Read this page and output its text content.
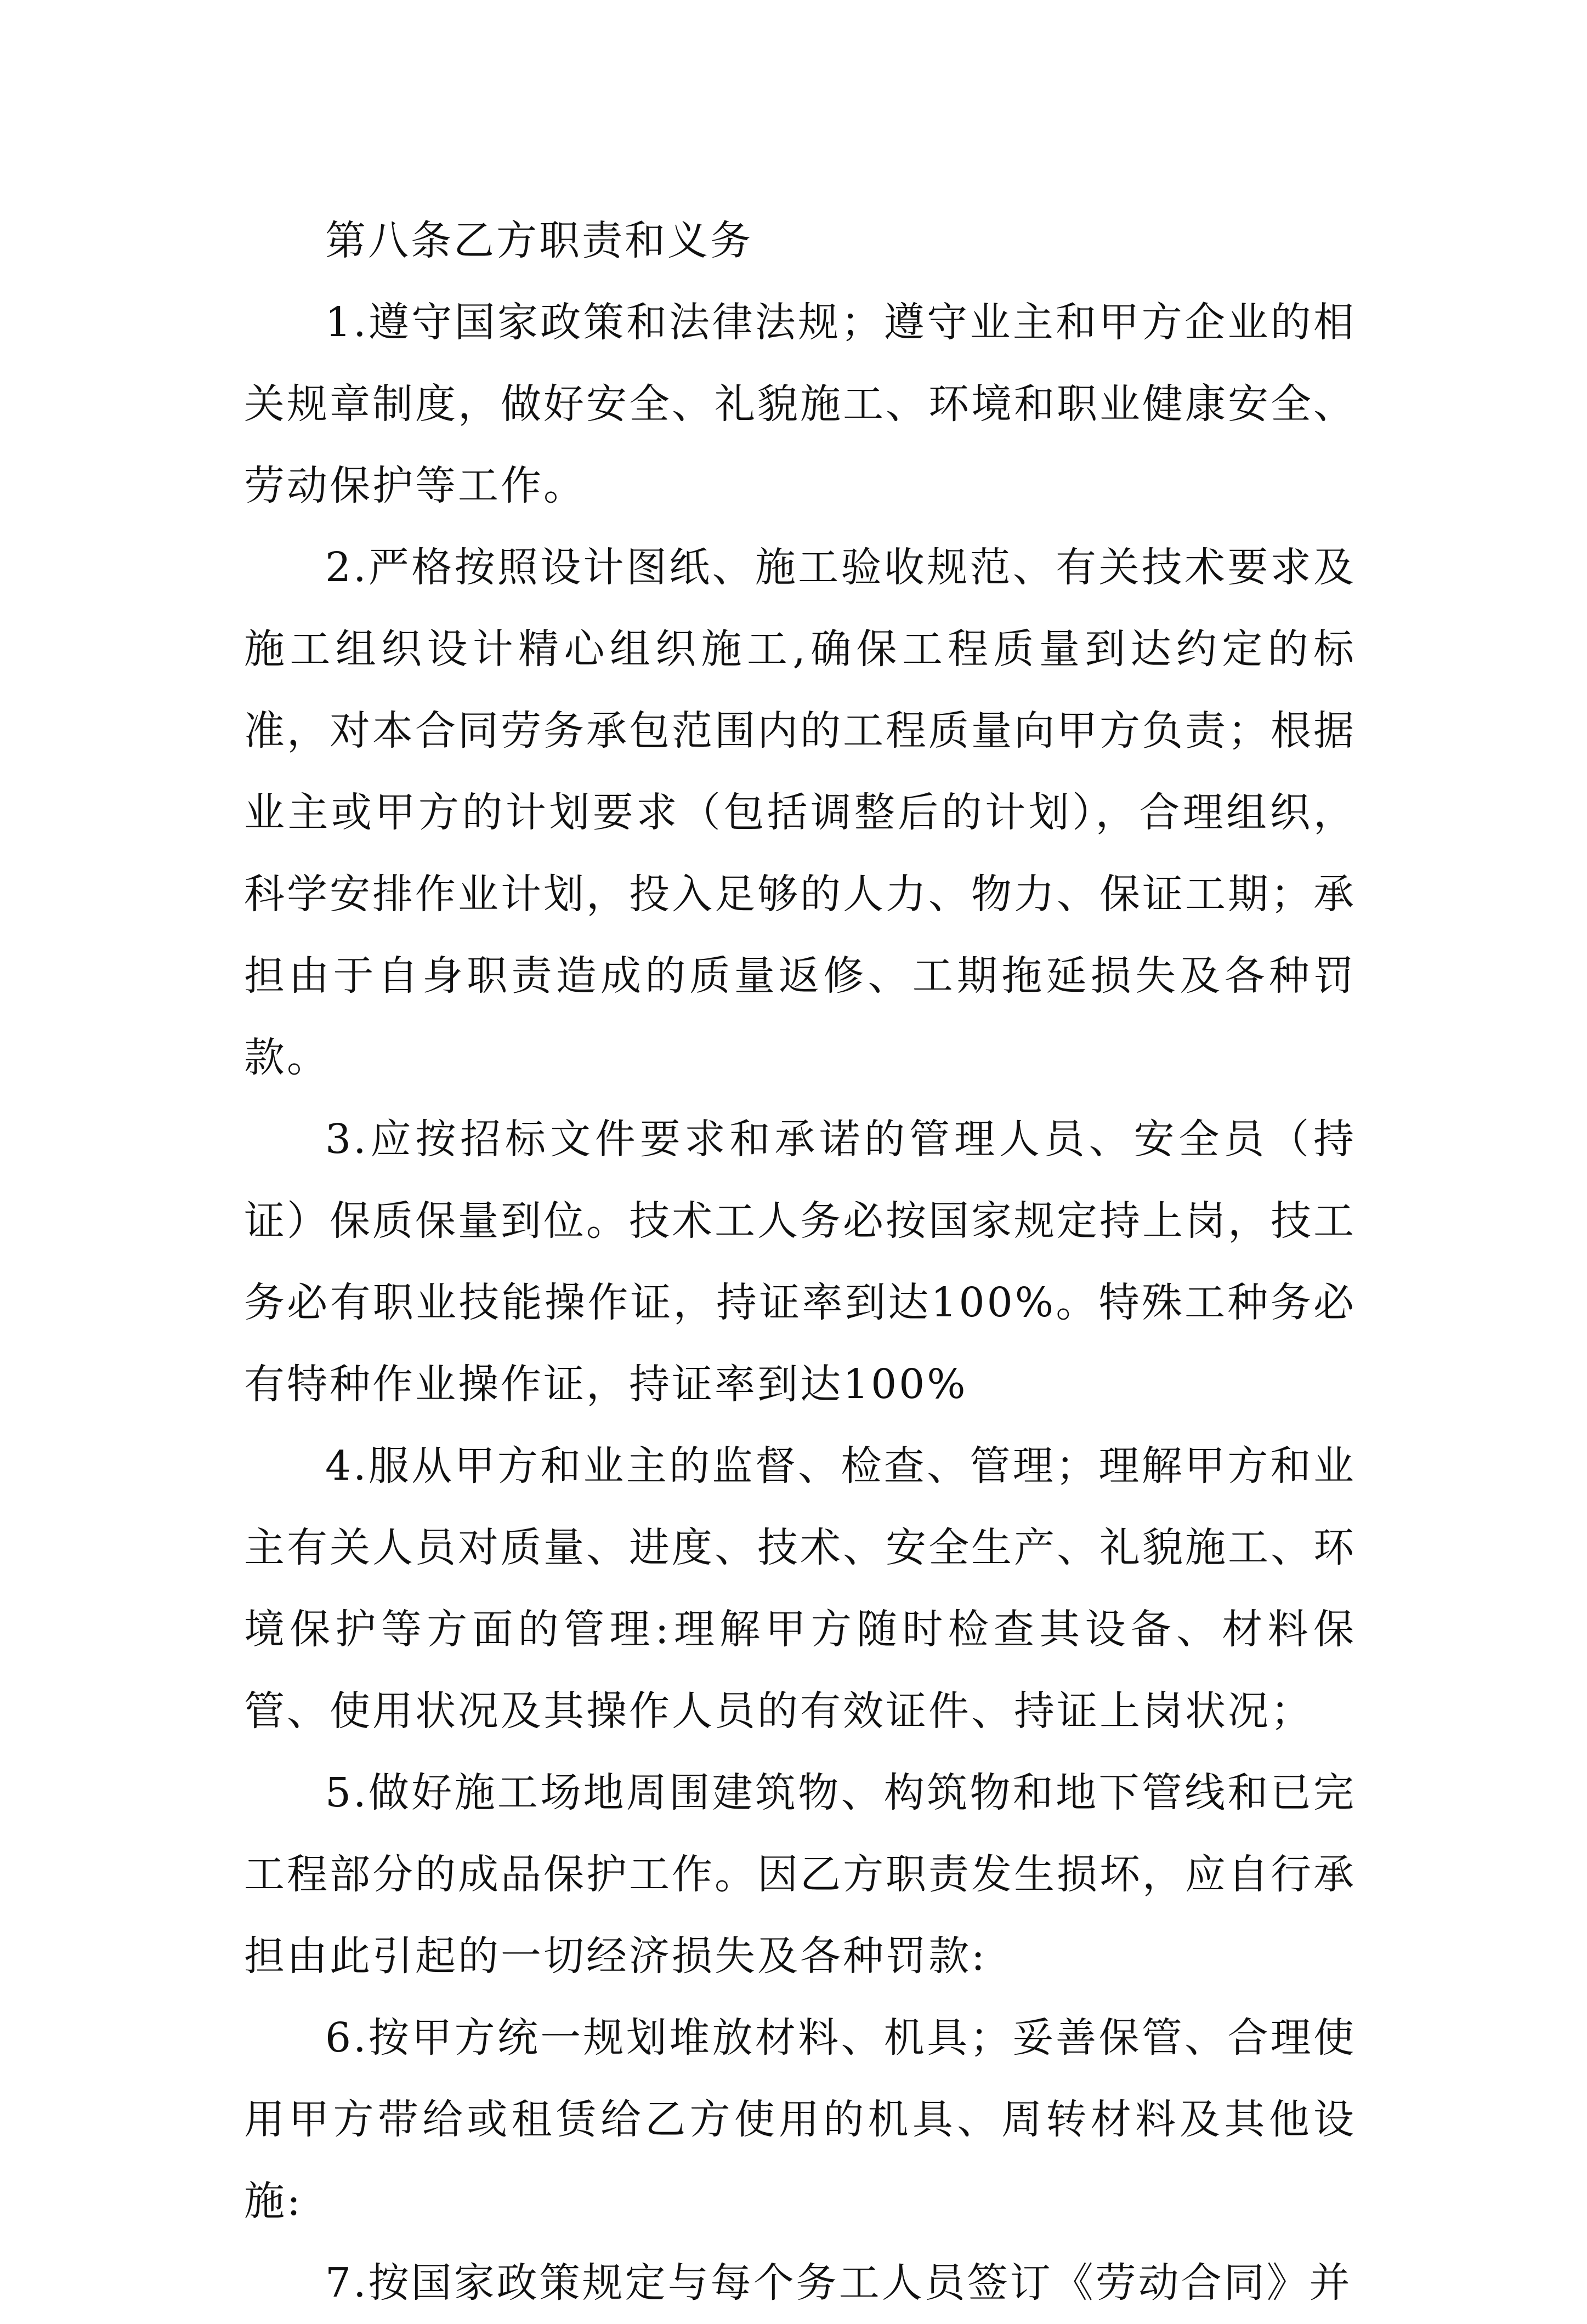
第八条乙方职责和义务

1.遵守国家政策和法律法规；遵守业主和甲方企业的相关规章制度，做好安全、礼貌施工、环境和职业健康安全、劳动保护等工作。

2.严格按照设计图纸、施工验收规范、有关技术要求及施工组织设计精心组织施工,确保工程质量到达约定的标准，对本合同劳务承包范围内的工程质量向甲方负责；根据业主或甲方的计划要求（包括调整后的计划），合理组织，科学安排作业计划，投入足够的人力、物力、保证工期；承担由于自身职责造成的质量返修、工期拖延损失及各种罚款。

3.应按招标文件要求和承诺的管理人员、安全员（持证）保质保量到位。技术工人务必按国家规定持上岗，技工务必有职业技能操作证，持证率到达100%。特殊工种务必有特种作业操作证，持证率到达100%

4.服从甲方和业主的监督、检查、管理；理解甲方和业主有关人员对质量、进度、技术、安全生产、礼貌施工、环境保护等方面的管理:理解甲方随时检查其设备、材料保管、使用状况及其操作人员的有效证件、持证上岗状况；

5.做好施工场地周围建筑物、构筑物和地下管线和已完工程部分的成品保护工作。因乙方职责发生损坏，应自行承担由此引起的一切经济损失及各种罚款:

6.按甲方统一规划堆放材料、机具；妥善保管、合理使用甲方带给或租赁给乙方使用的机具、周转材料及其他设施:

7.按国家政策规定与每个务工人员签订《劳动合同》并
